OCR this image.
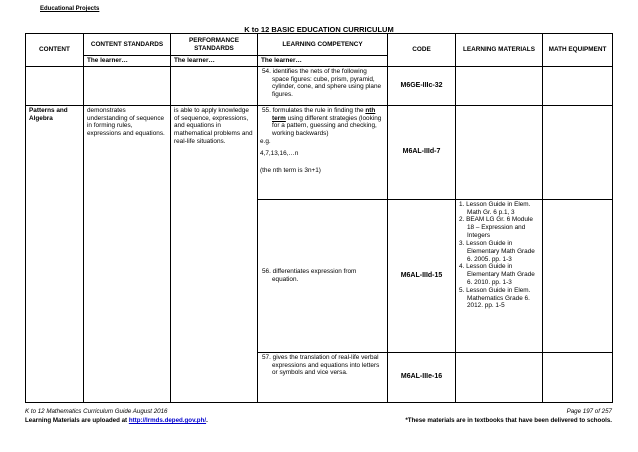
Educational Projects
K to 12 BASIC EDUCATION CURRICULUM
CONTENT	CONTENT STANDARDS	PERFORMANCE STANDARDS	LEARNING COMPETENCY	CODE	LEARNING MATERIALS	MATH EQUIPMENT
	The learner…	The learner…	The learner…			
			54. identifies the nets of the following space figures: cube, prism, pyramid, cylinder, cone, and sphere using plane figures.	M6GE-IIIc-32		
Patterns and Algebra	demonstrates understanding of sequence in forming rules, expressions and equations.	is able to apply knowledge of sequence, expressions, and equations in mathematical problems and real-life situations.	55. formulates the rule in finding the nth term using different strategies (looking for a pattern, guessing and checking, working backwards)
e.g.
4,7,13,16,…n
(the nth term is 3n+1)	M6AL-IIId-7		
			56. differentiates expression from equation.	M6AL-IIId-15	1. Lesson Guide in Elem. Math Gr. 6 p.1, 3
2. BEAM LG Gr. 6 Module 18 – Expression and Integers
3. Lesson Guide in Elementary Math Grade 6. 2005. pp. 1-3
4. Lesson Guide in Elementary Math Grade 6. 2010. pp. 1-3
5. Lesson Guide in Elem. Mathematics Grade 6. 2012. pp. 1-5	

			57. gives the translation of real-life verbal expressions and equations into letters or symbols and vice versa.	M6AL-IIIe-16		
K to 12 Mathematics Curriculum Guide August 2016	Page 197 of 257
Learning Materials are uploaded at http://lrmds.deped.gov.ph/.	*These materials are in textbooks that have been delivered to schools.
